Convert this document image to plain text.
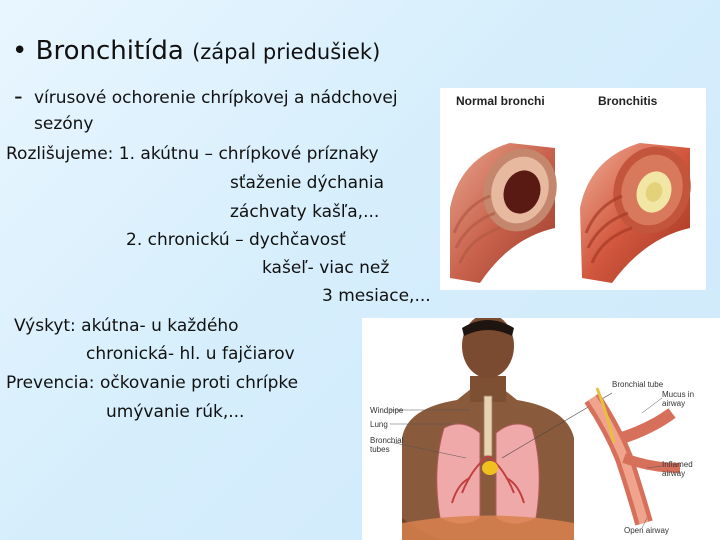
• Bronchitída (zápal priedušiek)
- vírusové ochorenie chrípkovej a nádchovej
sezóny
Rozlišujeme: 1. akútnu – chrípkové príznaky
sťaženie dýchania
záchvaty kašľa,...
2. chronickú – dychčavosť
kašeľ- viac než
3 mesiace,...
Výskyt: akútna- u každého
chronická- hl. u fajčiarov
Prevencia: očkovanie proti chrípke
umývanie rúk,...
Normal bronchi	Bronchitis
Bronchial tube
Windpipe
Lung
Bronchial tubes
Mucus in airway
Inflamed airway
Open airway
